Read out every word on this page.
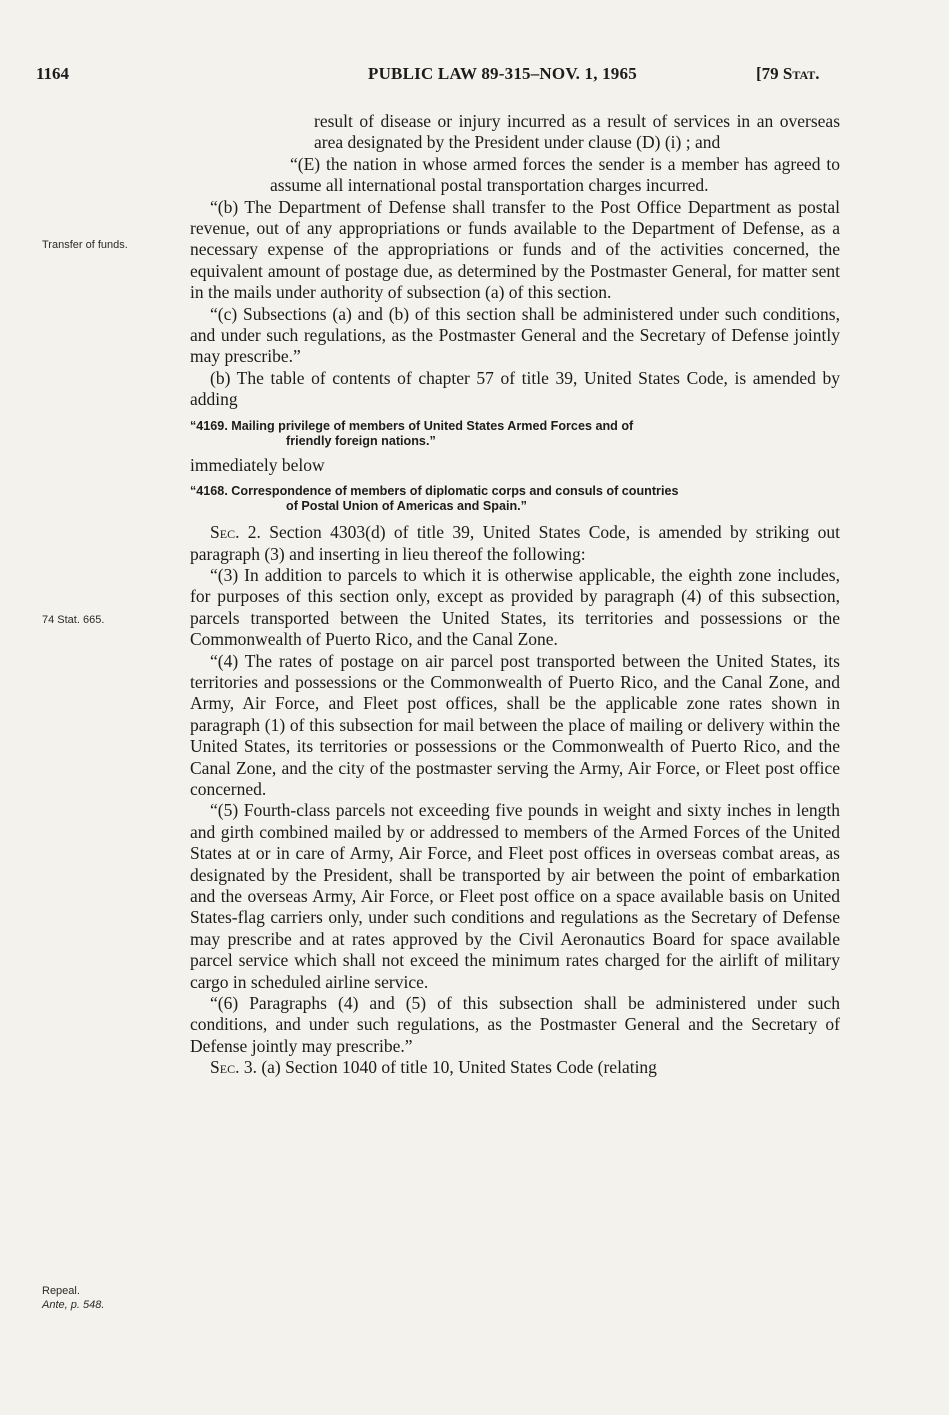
1164	PUBLIC LAW 89-315–NOV. 1, 1965	[79 Stat.
Transfer of funds.
74 Stat. 665.
Repeal.
Ante, p. 548.

result of disease or injury incurred as a result of services in an overseas area designated by the President under clause (D) (i) ; and

“(E) the nation in whose armed forces the sender is a member has agreed to assume all international postal transportation charges incurred.

“(b) The Department of Defense shall transfer to the Post Office Department as postal revenue, out of any appropriations or funds available to the Department of Defense, as a necessary expense of the appropriations or funds and of the activities concerned, the equivalent amount of postage due, as determined by the Postmaster General, for matter sent in the mails under authority of subsection (a) of this section.

“(c) Subsections (a) and (b) of this section shall be administered under such conditions, and under such regulations, as the Postmaster General and the Secretary of Defense jointly may prescribe.”

(b) The table of contents of chapter 57 of title 39, United States Code, is amended by adding

“4169. Mailing privilege of members of United States Armed Forces and of
friendly foreign nations.”

immediately below

“4168. Correspondence of members of diplomatic corps and consuls of countries
of Postal Union of Americas and Spain.”

Sec. 2. Section 4303(d) of title 39, United States Code, is amended by striking out paragraph (3) and inserting in lieu thereof the following:

“(3) In addition to parcels to which it is otherwise applicable, the eighth zone includes, for purposes of this section only, except as provided by paragraph (4) of this subsection, parcels transported between the United States, its territories and possessions or the Commonwealth of Puerto Rico, and the Canal Zone.

“(4) The rates of postage on air parcel post transported between the United States, its territories and possessions or the Commonwealth of Puerto Rico, and the Canal Zone, and Army, Air Force, and Fleet post offices, shall be the applicable zone rates shown in paragraph (1) of this subsection for mail between the place of mailing or delivery within the United States, its territories or possessions or the Commonwealth of Puerto Rico, and the Canal Zone, and the city of the postmaster serving the Army, Air Force, or Fleet post office concerned.

“(5) Fourth-class parcels not exceeding five pounds in weight and sixty inches in length and girth combined mailed by or addressed to members of the Armed Forces of the United States at or in care of Army, Air Force, and Fleet post offices in overseas combat areas, as designated by the President, shall be transported by air between the point of embarkation and the overseas Army, Air Force, or Fleet post office on a space available basis on United States-flag carriers only, under such conditions and regulations as the Secretary of Defense may prescribe and at rates approved by the Civil Aeronautics Board for space available parcel service which shall not exceed the minimum rates charged for the airlift of military cargo in scheduled airline service.

“(6) Paragraphs (4) and (5) of this subsection shall be administered under such conditions, and under such regulations, as the Postmaster General and the Secretary of Defense jointly may prescribe.”

Sec. 3. (a) Section 1040 of title 10, United States Code (relating
